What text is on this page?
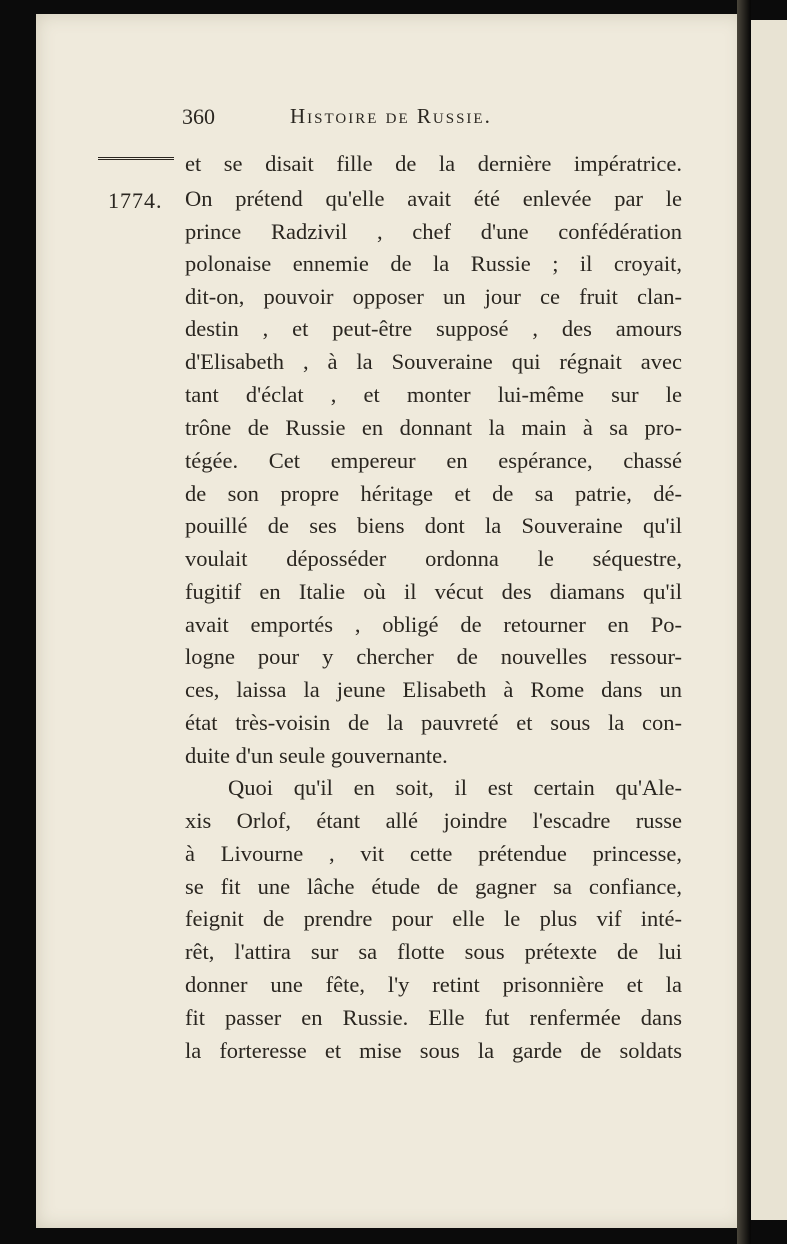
360	Histoire de Russie.
1774.
et se disait fille de la dernière impératrice.
On prétend qu'elle avait été enlevée par le
prince Radzivil , chef d'une confédération
polonaise ennemie de la Russie ; il croyait,
dit-on, pouvoir opposer un jour ce fruit clan-
destin , et peut-être supposé , des amours
d'Elisabeth , à la Souveraine qui régnait avec
tant d'éclat , et monter lui-même sur le
trône de Russie en donnant la main à sa pro-
tégée. Cet empereur en espérance, chassé
de son propre héritage et de sa patrie, dé-
pouillé de ses biens dont la Souveraine qu'il
voulait déposséder ordonna le séquestre,
fugitif en Italie où il vécut des diamans qu'il
avait emportés , obligé de retourner en Po-
logne pour y chercher de nouvelles ressour-
ces, laissa la jeune Elisabeth à Rome dans un
état très-voisin de la pauvreté et sous la con-
duite d'un seule gouvernante.
Quoi qu'il en soit, il est certain qu'Ale-
xis Orlof, étant allé joindre l'escadre russe
à Livourne , vit cette prétendue princesse,
se fit une lâche étude de gagner sa confiance,
feignit de prendre pour elle le plus vif inté-
rêt, l'attira sur sa flotte sous prétexte de lui
donner une fête, l'y retint prisonnière et la
fit passer en Russie. Elle fut renfermée dans
la forteresse et mise sous la garde de soldats
